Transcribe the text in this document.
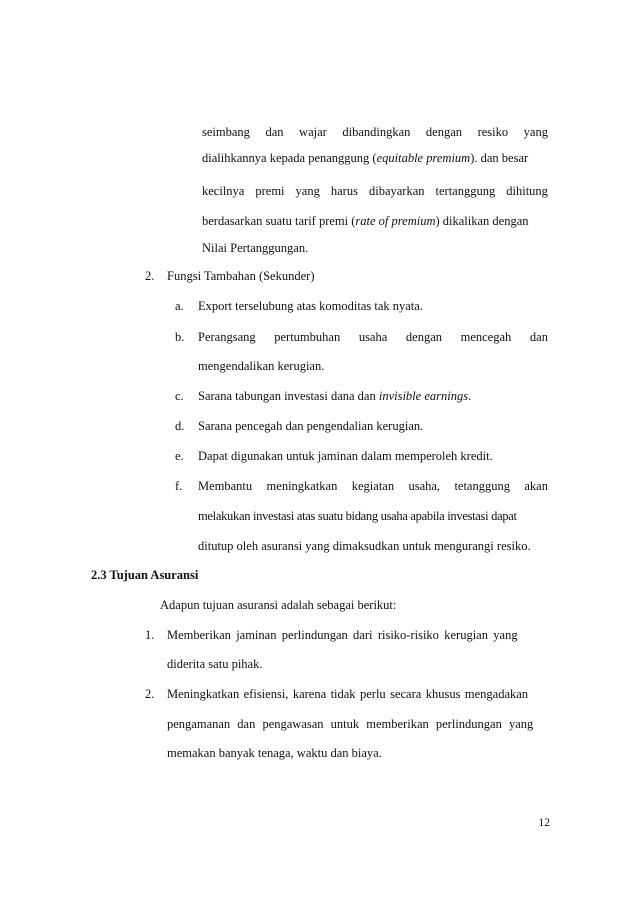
seimbang dan wajar dibandingkan dengan resiko yang
dialihkannya kepada penanggung (equitable premium). dan besar
kecilnya premi yang harus dibayarkan tertanggung dihitung
berdasarkan suatu tarif premi (rate of premium) dikalikan dengan
Nilai Pertanggungan.
2. Fungsi Tambahan (Sekunder)
a. Export terselubung atas komoditas tak nyata.
b. Perangsang pertumbuhan usaha dengan mencegah dan
mengendalikan kerugian.
c. Sarana tabungan investasi dana dan invisible earnings.
d. Sarana pencegah dan pengendalian kerugian.
e. Dapat digunakan untuk jaminan dalam memperoleh kredit.
f. Membantu meningkatkan kegiatan usaha, tetanggung akan
melakukan investasi atas suatu bidang usaha apabila investasi dapat
ditutup oleh asuransi yang dimaksudkan untuk mengurangi resiko.
2.3 Tujuan Asuransi
Adapun tujuan asuransi adalah sebagai berikut:
1. Memberikan jaminan perlindungan dari risiko-risiko kerugian yang
diderita satu pihak.
2. Meningkatkan efisiensi, karena tidak perlu secara khusus mengadakan
pengamanan dan pengawasan untuk memberikan perlindungan yang
memakan banyak tenaga, waktu dan biaya.
12
